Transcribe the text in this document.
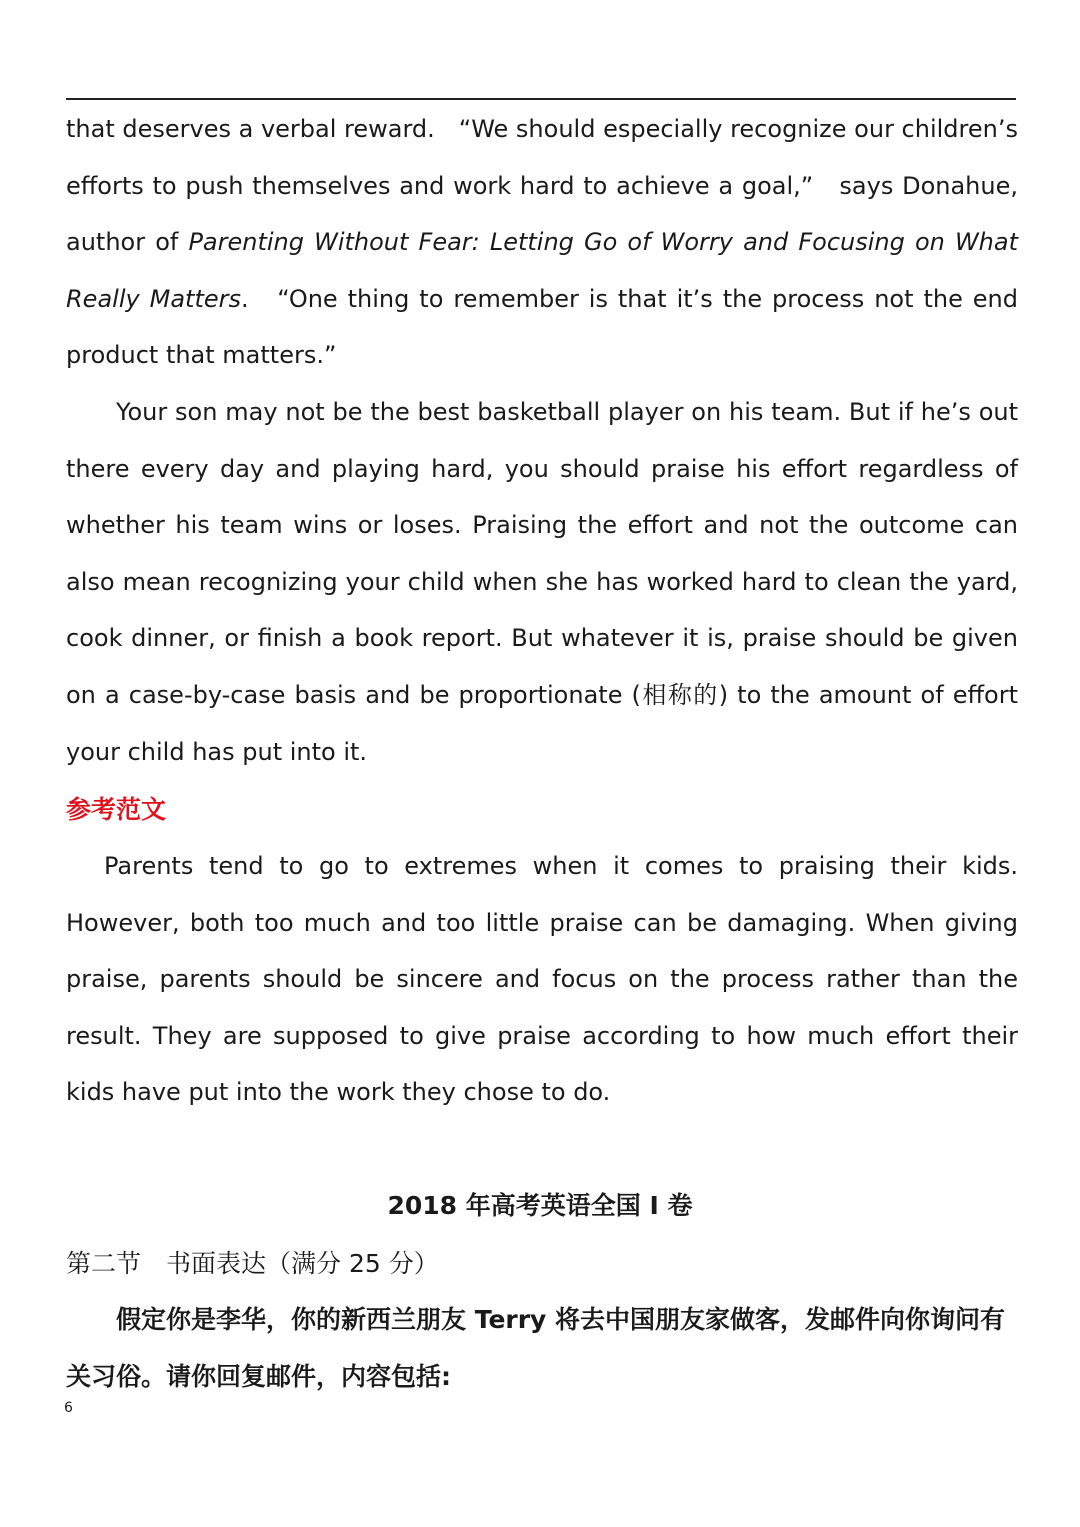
that deserves a verbal reward.　“We should especially recognize our children’s efforts to push themselves and work hard to achieve a goal,”　says Donahue, author of Parenting Without Fear: Letting Go of Worry and Focusing on What Really Matters.　“One thing to remember is that it’s the process not the end product that matters.”

Your son may not be the best basketball player on his team. But if he’s out there every day and playing hard, you should praise his effort regardless of whether his team wins or loses. Praising the effort and not the outcome can also mean recognizing your child when she has worked hard to clean the yard, cook dinner, or finish a book report. But whatever it is, praise should be given on a case-by-case basis and be proportionate (相称的) to the amount of effort your child has put into it.

参考范文

Parents tend to go to extremes when it comes to praising their kids. However, both too much and too little praise can be damaging. When giving praise, parents should be sincere and focus on the process rather than the result. They are supposed to give praise according to how much effort their kids have put into the work they chose to do.

2018 年高考英语全国 I 卷
第二节　书面表达（满分 25 分）

假定你是李华，你的新西兰朋友 Terry 将去中国朋友家做客，发邮件向你询问有关习俗。请你回复邮件，内容包括:

6
